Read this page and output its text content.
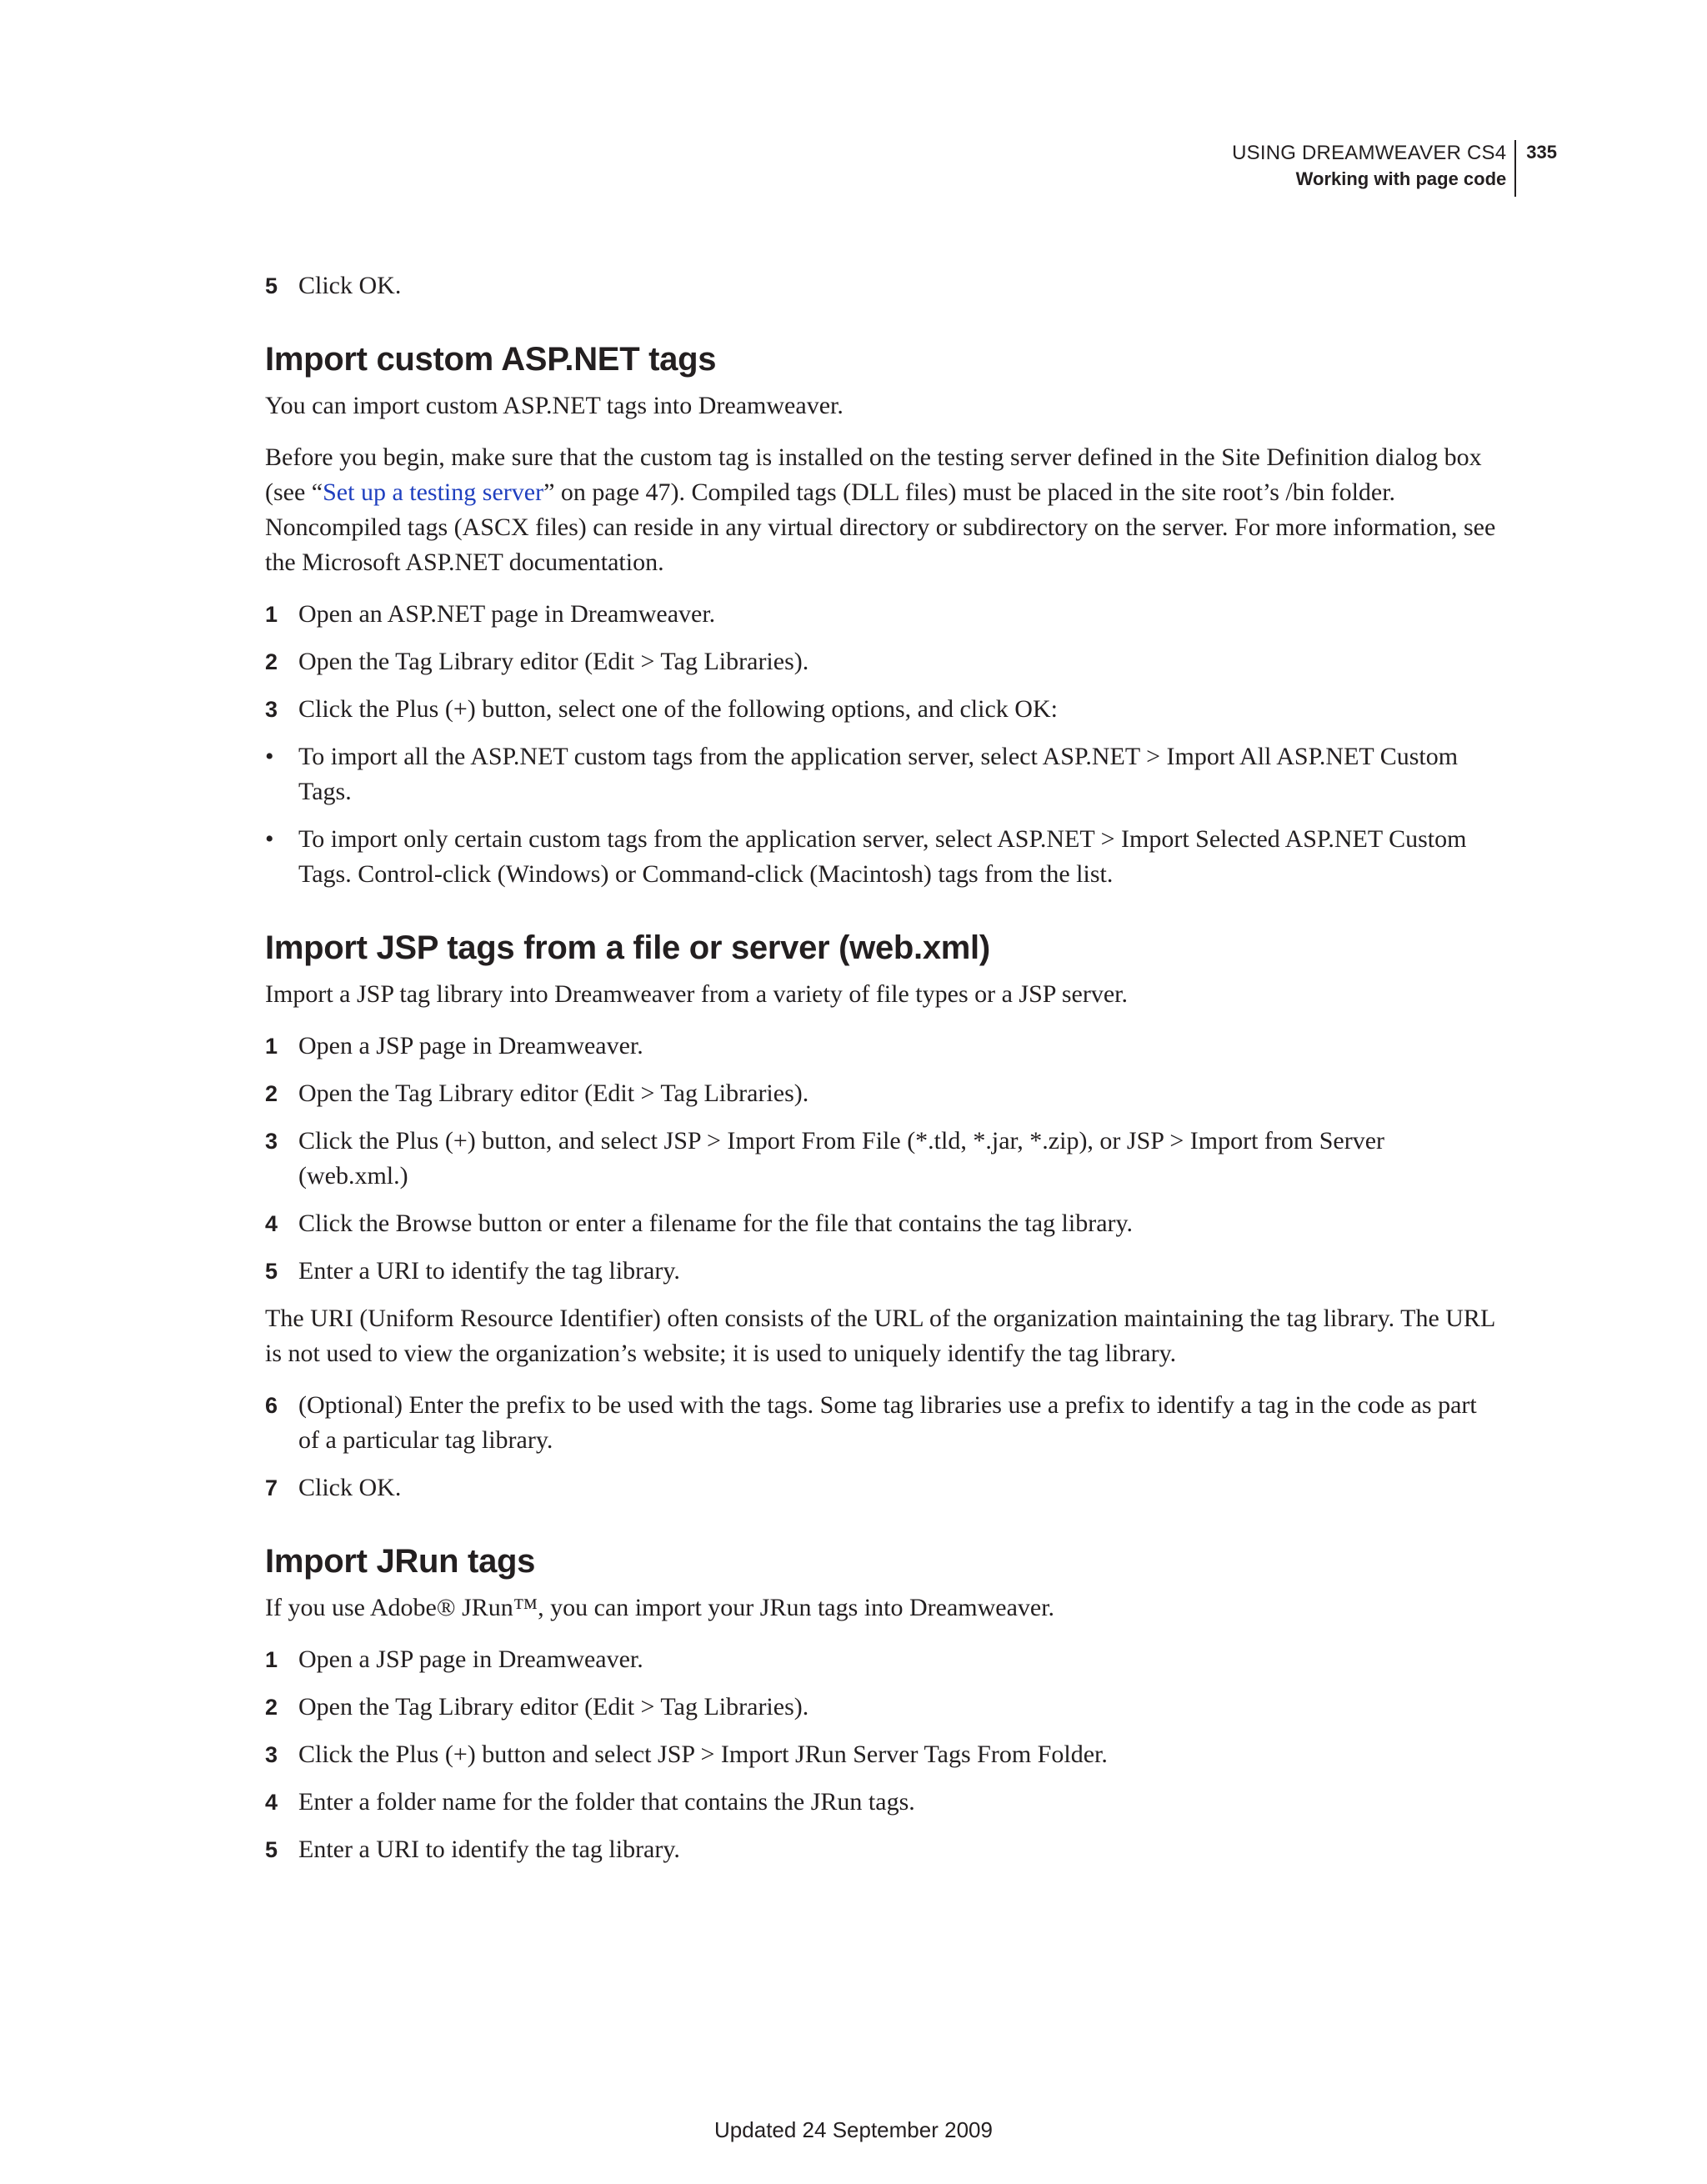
USING DREAMWEAVER CS4
Working with page code
335
5 Click OK.
Import custom ASP.NET tags

You can import custom ASP.NET tags into Dreamweaver.

Before you begin, make sure that the custom tag is installed on the testing server defined in the Site Definition dialog box (see “Set up a testing server” on page 47). Compiled tags (DLL files) must be placed in the site root’s /bin folder. Noncompiled tags (ASCX files) can reside in any virtual directory or subdirectory on the server. For more information, see the Microsoft ASP.NET documentation.

1 Open an ASP.NET page in Dreamweaver.
2 Open the Tag Library editor (Edit > Tag Libraries).
3 Click the Plus (+) button, select one of the following options, and click OK:
• To import all the ASP.NET custom tags from the application server, select ASP.NET > Import All ASP.NET Custom Tags.
• To import only certain custom tags from the application server, select ASP.NET > Import Selected ASP.NET Custom Tags. Control-click (Windows) or Command-click (Macintosh) tags from the list.
Import JSP tags from a file or server (web.xml)

Import a JSP tag library into Dreamweaver from a variety of file types or a JSP server.

1 Open a JSP page in Dreamweaver.
2 Open the Tag Library editor (Edit > Tag Libraries).
3 Click the Plus (+) button, and select JSP > Import From File (*.tld, *.jar, *.zip), or JSP > Import from Server (web.xml.)
4 Click the Browse button or enter a filename for the file that contains the tag library.
5 Enter a URI to identify the tag library.

The URI (Uniform Resource Identifier) often consists of the URL of the organization maintaining the tag library. The URL is not used to view the organization’s website; it is used to uniquely identify the tag library.

6 (Optional) Enter the prefix to be used with the tags. Some tag libraries use a prefix to identify a tag in the code as part of a particular tag library.
7 Click OK.
Import JRun tags

If you use Adobe® JRun™, you can import your JRun tags into Dreamweaver.

1 Open a JSP page in Dreamweaver.
2 Open the Tag Library editor (Edit > Tag Libraries).
3 Click the Plus (+) button and select JSP > Import JRun Server Tags From Folder.
4 Enter a folder name for the folder that contains the JRun tags.
5 Enter a URI to identify the tag library.
Updated 24 September 2009
